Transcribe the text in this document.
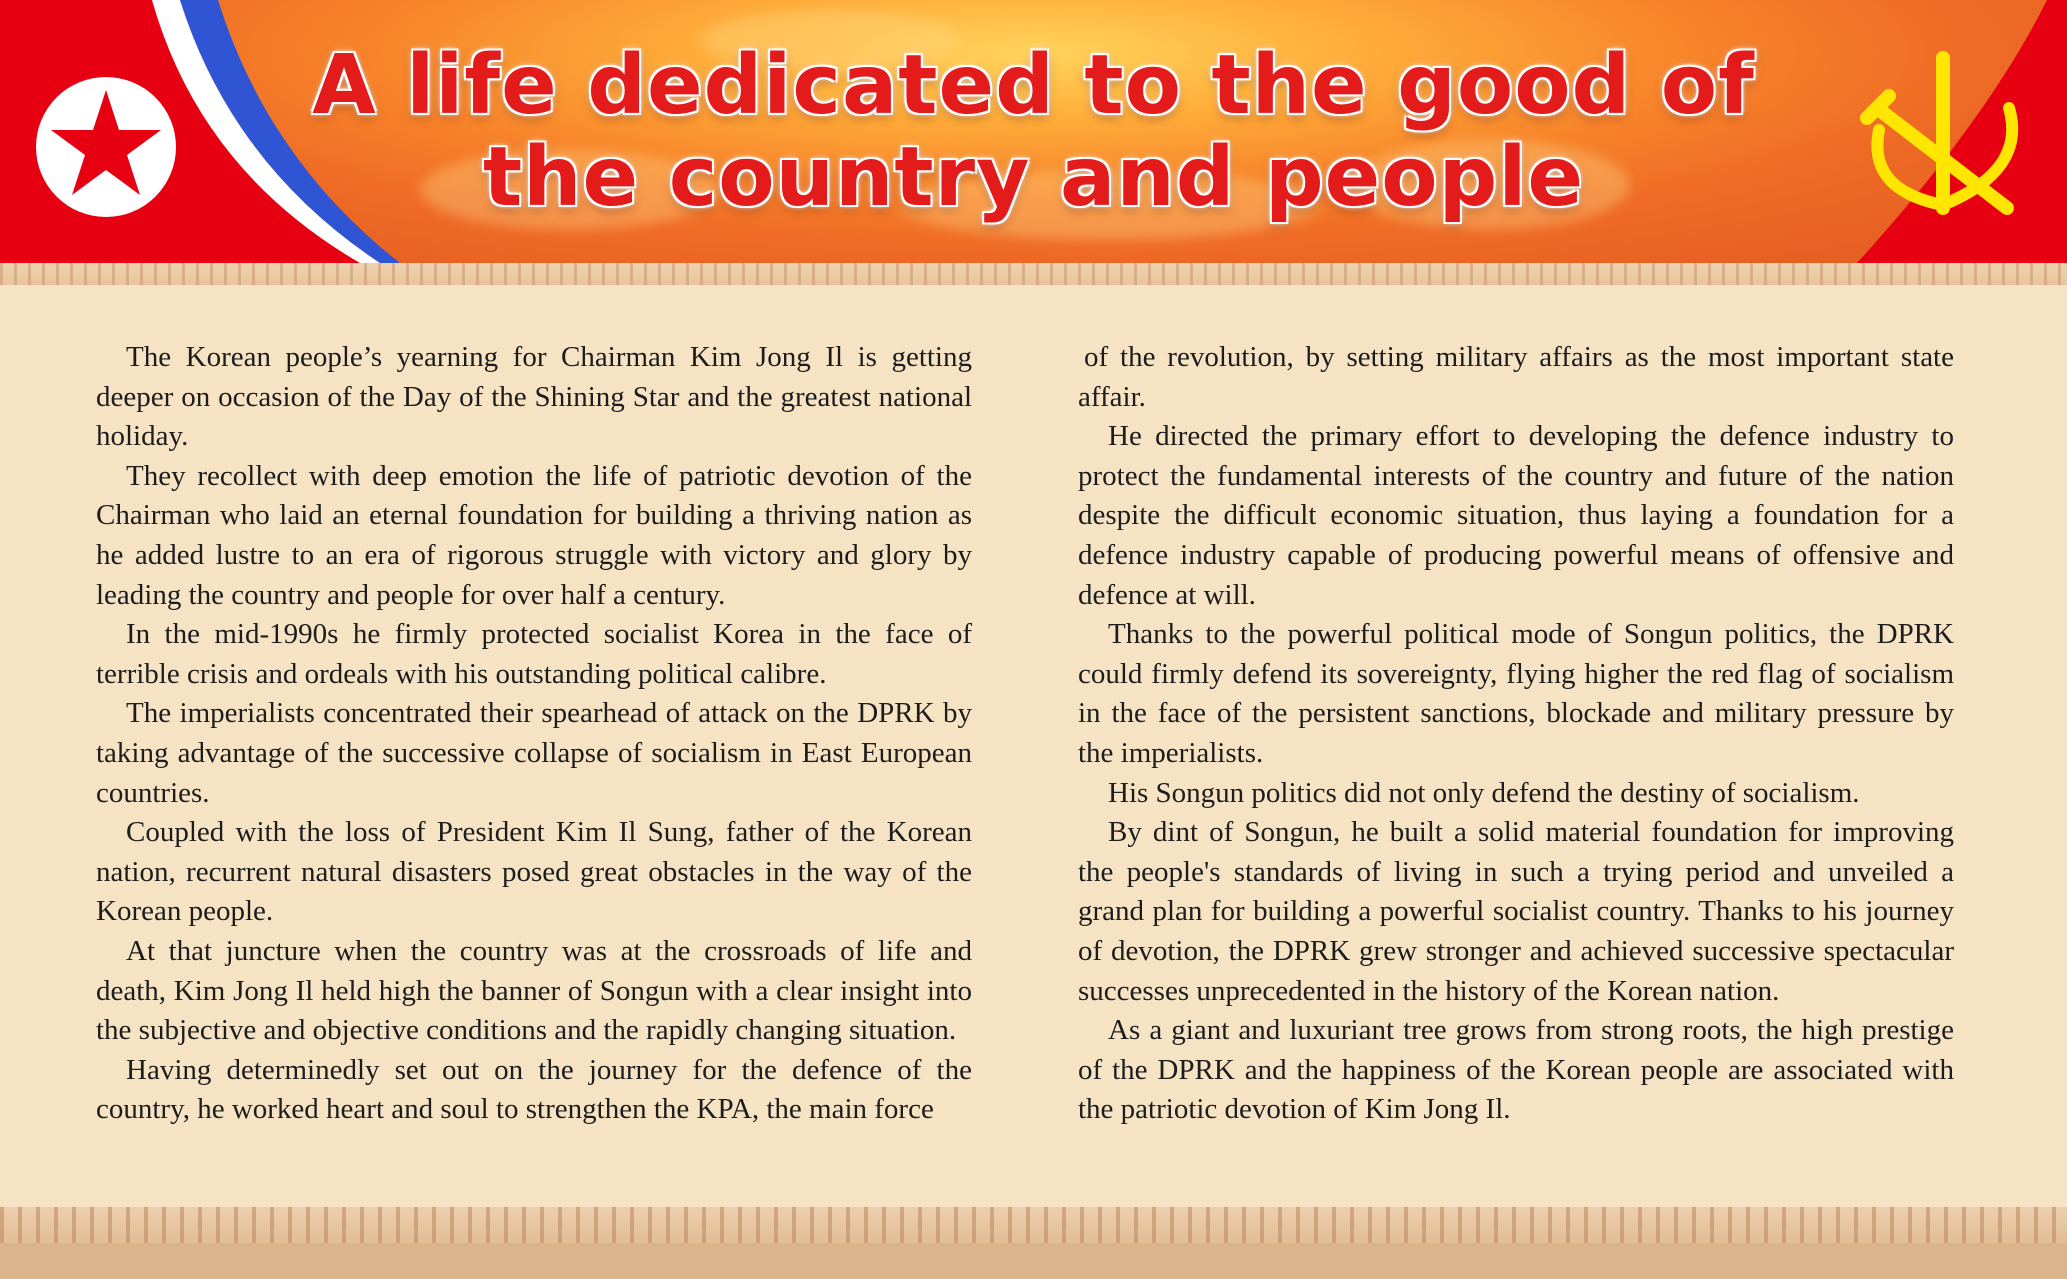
A life dedicated to the good of
the country and people

The Korean people’s yearning for Chairman Kim Jong Il is getting deeper on occasion of the Day of the Shining Star and the greatest national holiday.

They recollect with deep emotion the life of patriotic devotion of the Chairman who laid an eternal foundation for building a thriving nation as he added lustre to an era of rigorous struggle with victory and glory by leading the country and people for over half a century.

In the mid-1990s he firmly protected socialist Korea in the face of terrible crisis and ordeals with his outstanding political calibre.

The imperialists concentrated their spearhead of attack on the DPRK by taking advantage of the successive collapse of socialism in East European countries.

Coupled with the loss of President Kim Il Sung, father of the Korean nation, recurrent natural disasters posed great obstacles in the way of the Korean people.

At that juncture when the country was at the crossroads of life and death, Kim Jong Il held high the banner of Songun with a clear insight into the subjective and objective conditions and the rapidly changing situation.

Having determinedly set out on the journey for the defence of the country, he worked heart and soul to strengthen the KPA, the main force

of the revolution, by setting military affairs as the most important state affair.

He directed the primary effort to developing the defence industry to protect the fundamental interests of the country and future of the nation despite the difficult economic situation, thus laying a foundation for a defence industry capable of producing powerful means of offensive and defence at will.

Thanks to the powerful political mode of Songun politics, the DPRK could firmly defend its sovereignty, flying higher the red flag of socialism in the face of the persistent sanctions, blockade and military pressure by the imperialists.

His Songun politics did not only defend the destiny of socialism.

By dint of Songun, he built a solid material foundation for improving the people's standards of living in such a trying period and unveiled a grand plan for building a powerful socialist country. Thanks to his journey of devotion, the DPRK grew stronger and achieved successive spectacular successes unprecedented in the history of the Korean nation.

As a giant and luxuriant tree grows from strong roots, the high prestige of the DPRK and the happiness of the Korean people are associated with the patriotic devotion of Kim Jong Il.
